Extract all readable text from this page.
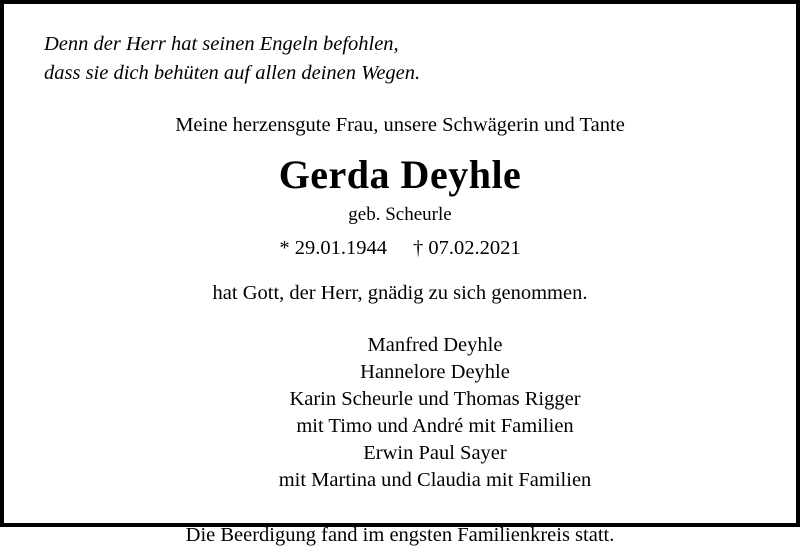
Denn der Herr hat seinen Engeln befohlen,
dass sie dich behüten auf allen deinen Wegen.
Meine herzensgute Frau, unsere Schwägerin und Tante
Gerda Deyhle
geb. Scheurle
* 29.01.1944 † 07.02.2021
hat Gott, der Herr, gnädig zu sich genommen.
Manfred Deyhle
Hannelore Deyhle
Karin Scheurle und Thomas Rigger
mit Timo und André mit Familien
Erwin Paul Sayer
mit Martina und Claudia mit Familien
Die Beerdigung fand im engsten Familienkreis statt.
